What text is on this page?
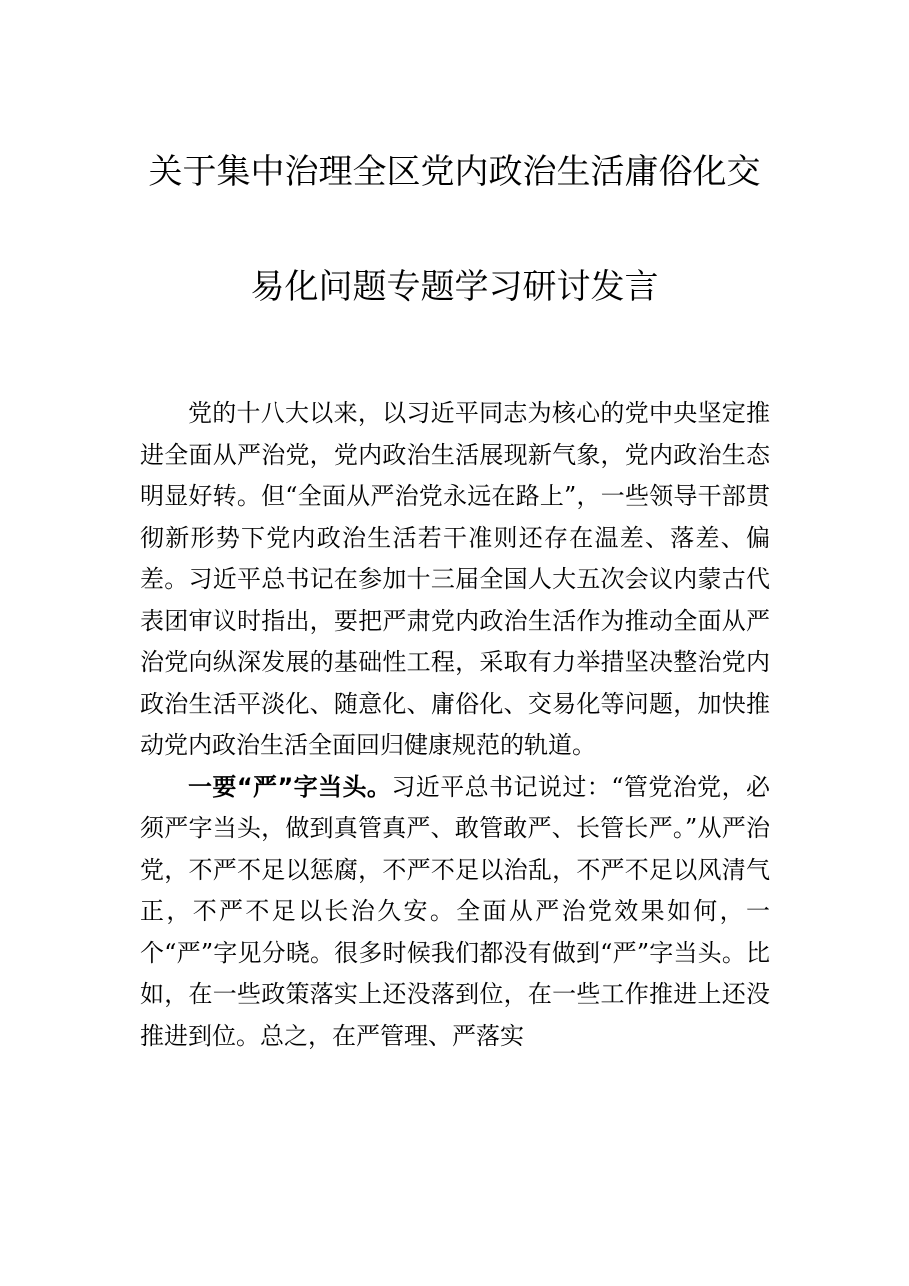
关于集中治理全区党内政治生活庸俗化交
易化问题专题学习研讨发言

党的十八大以来，以习近平同志为核心的党中央坚定推进全面从严治党，党内政治生活展现新气象，党内政治生态明显好转。但“全面从严治党永远在路上”，一些领导干部贯彻新形势下党内政治生活若干准则还存在温差、落差、偏差。习近平总书记在参加十三届全国人大五次会议内蒙古代表团审议时指出，要把严肃党内政治生活作为推动全面从严治党向纵深发展的基础性工程，采取有力举措坚决整治党内政治生活平淡化、随意化、庸俗化、交易化等问题，加快推动党内政治生活全面回归健康规范的轨道。

一要“严”字当头。习近平总书记说过：“管党治党，必须严字当头，做到真管真严、敢管敢严、长管长严。”从严治党，不严不足以惩腐，不严不足以治乱，不严不足以风清气正，不严不足以长治久安。全面从严治党效果如何，一个“严”字见分晓。很多时候我们都没有做到“严”字当头。比如，在一些政策落实上还没落到位，在一些工作推进上还没推进到位。总之，在严管理、严落实
